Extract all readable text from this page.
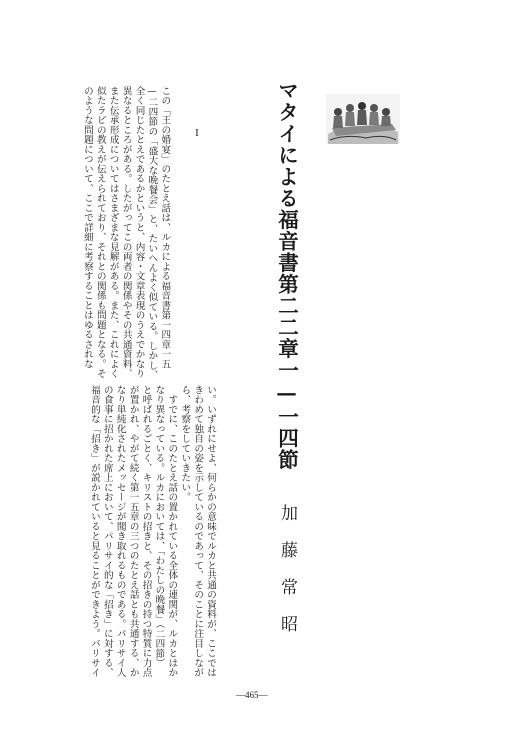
マタイによる福音書第二二章一—一四節
加藤常昭
I
この「王の婚宴」のたとえ話は、ルカによる福音書第一四章一五
—二四節の「盛大な晩餐会」と、たいへんよく似ている。しかし、
全く同じたとえであるかというと、内容・文章表現のうえでかなり
異なるところがある。したがってこの両者の関係やその共通資料、
また伝承形成についてはさまざまな見解がある。また、これによく
似たラビの教えが伝えられており、それとの関係も問題となる。そ
のような問題について、ここで詳細に考察することはゆるされな
い。いずれにせよ、何らかの意味でルカと共通の資料が、ここでは
きわめて独自の姿を示しているのであって、そのことに注目しなが
ら、考察をしていきたい。
　すでに、このたとえ話の置かれている全体の連関が、ルカとはか
なり異なっている。ルカにおいては、「わたしの晩餐」（二四節）
と呼ばれるごとく、キリストの招きと、その招きの持つ特質に力点
が置かれ、やがて続く第一五章の三つのたとえ話とも共通する、か
なり単純化されたメッセージが聞き取れるものである。パリサイ人
の食事に招かれた席上において、パリサイ的な「招き」に対する、
福音的な「招き」が説かれていると見ることができよう。パリサイ
—465—
